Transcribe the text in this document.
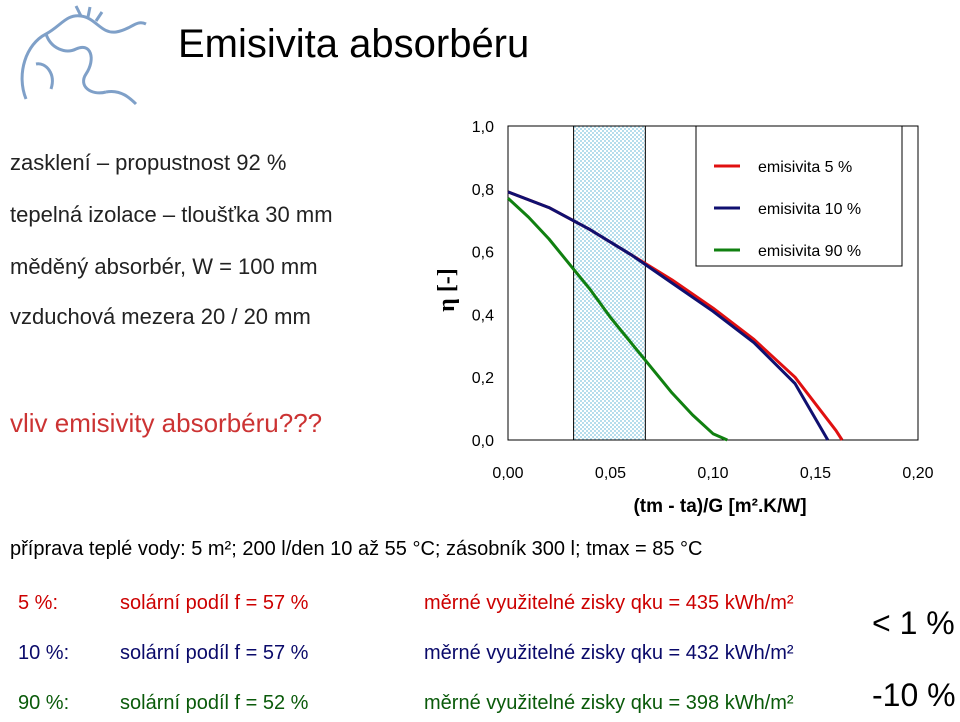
Emisivita absorbéru
zasklení – propustnost 92 %
tepelná izolace – tloušťka 30 mm
měděný absorbér, W = 100 mm
vzduchová mezera 20 / 20 mm
vliv emisivity absorbéru???
0,0
0,2
0,4
0,6
0,8
1,0
0,00	0,05	0,10	0,15	0,20
η [-]
(tm - ta)/G [m².K/W]
emisivita 5 %
emisivita 10 %
emisivita 90 %
příprava teplé vody: 5 m²; 200 l/den 10 až 55 °C; zásobník 300 l; tmax = 85 °C
5 %:	solární podíl f = 57 %	měrné využitelné zisky qku = 435 kWh/m²
10 %:	solární podíl f = 57 %	měrné využitelné zisky qku = 432 kWh/m²
90 %:	solární podíl f = 52 %	měrné využitelné zisky qku = 398 kWh/m²
< 1 %
-10 %
